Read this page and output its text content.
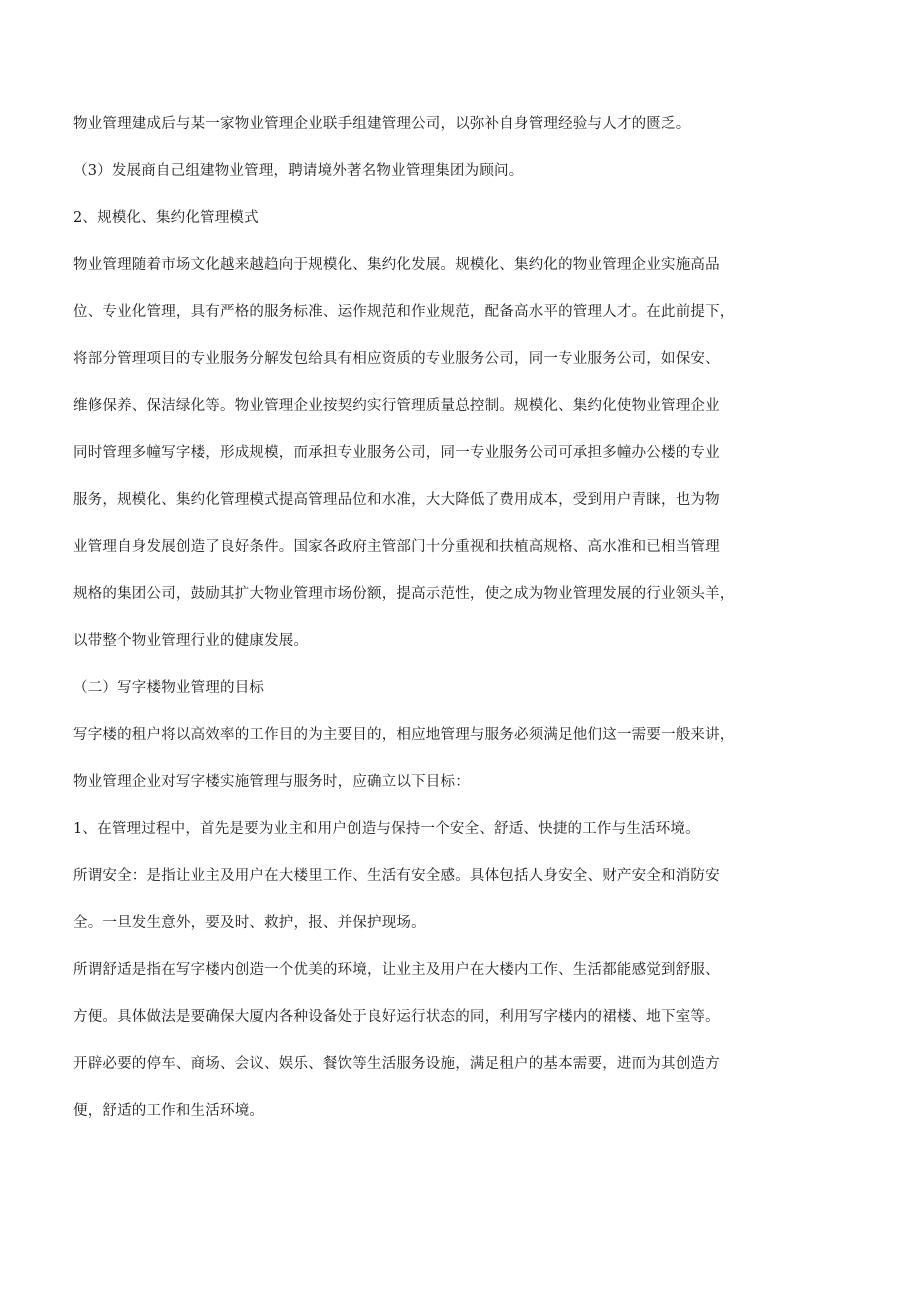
物业管理建成后与某一家物业管理企业联手组建管理公司，以弥补自身管理经验与人才的匮乏。
（3）发展商自己组建物业管理，聘请境外著名物业管理集团为顾问。
2、规模化、集约化管理模式
物业管理随着市场文化越来越趋向于规模化、集约化发展。规模化、集约化的物业管理企业实施高品
位、专业化管理，具有严格的服务标准、运作规范和作业规范，配备高水平的管理人才。在此前提下，
将部分管理项目的专业服务分解发包给具有相应资质的专业服务公司，同一专业服务公司，如保安、
维修保养、保洁绿化等。物业管理企业按契约实行管理质量总控制。规模化、集约化使物业管理企业
同时管理多幢写字楼，形成规模，而承担专业服务公司，同一专业服务公司可承担多幢办公楼的专业
服务，规模化、集约化管理模式提高管理品位和水准，大大降低了费用成本，受到用户青睐，也为物
业管理自身发展创造了良好条件。国家各政府主管部门十分重视和扶植高规格、高水准和已相当管理
规格的集团公司，鼓励其扩大物业管理市场份额，提高示范性，使之成为物业管理发展的行业领头羊，
以带整个物业管理行业的健康发展。
（二）写字楼物业管理的目标
写字楼的租户将以高效率的工作目的为主要目的，相应地管理与服务必须满足他们这一需要一般来讲，
物业管理企业对写字楼实施管理与服务时，应确立以下目标：
1、在管理过程中，首先是要为业主和用户创造与保持一个安全、舒适、快捷的工作与生活环境。
所谓安全：是指让业主及用户在大楼里工作、生活有安全感。具体包括人身安全、财产安全和消防安
全。一旦发生意外，要及时、救护，报、并保护现场。
所谓舒适是指在写字楼内创造一个优美的环境，让业主及用户在大楼内工作、生活都能感觉到舒服、
方便。具体做法是要确保大厦内各种设备处于良好运行状态的同，利用写字楼内的裙楼、地下室等。
开辟必要的停车、商场、会议、娱乐、餐饮等生活服务设施，满足租户的基本需要，进而为其创造方
便，舒适的工作和生活环境。
